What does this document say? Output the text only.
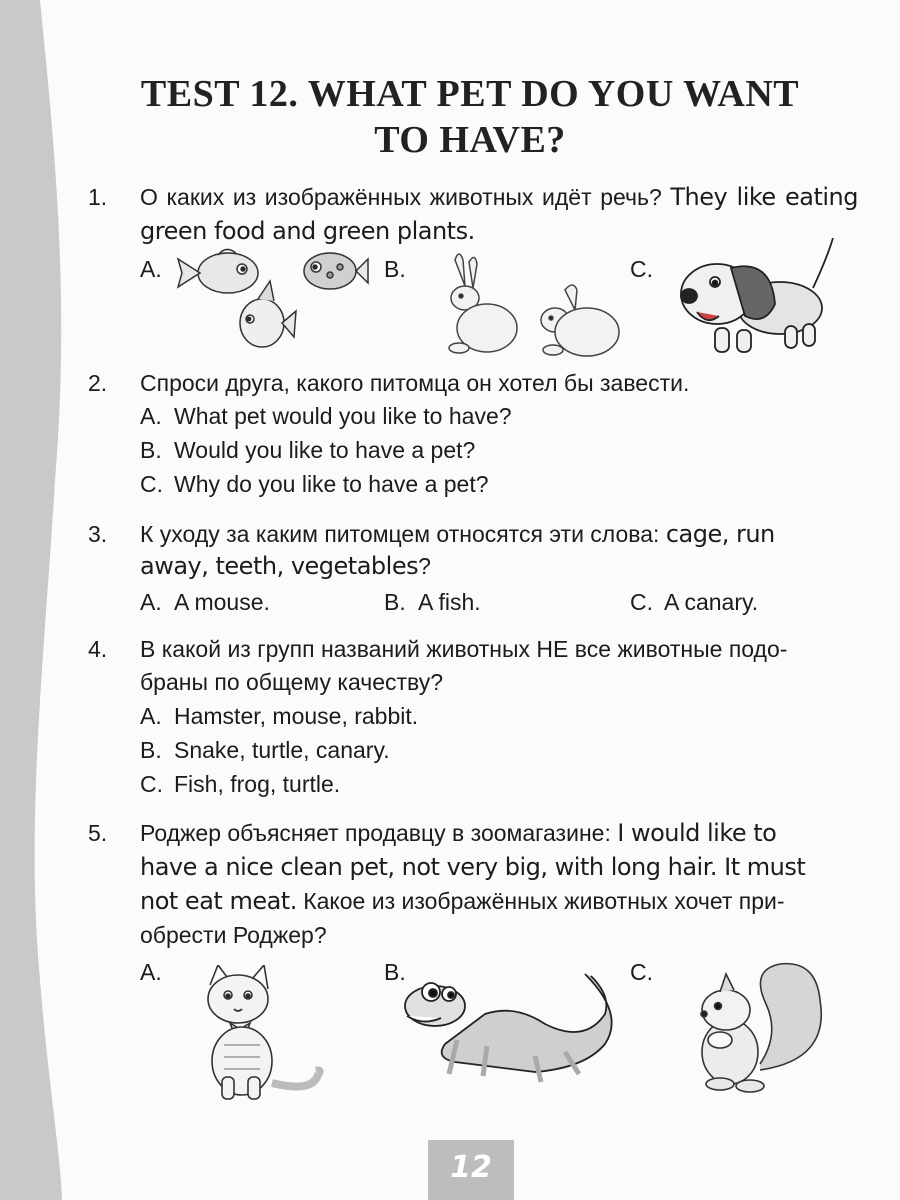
TEST 12. WHAT PET DO YOU WANT
TO HAVE?
1. О каких из изображённых животных идёт речь? They like eating green food and green plants.
A.	B.	C.
2. Спроси друга, какого питомца он хотел бы завести.
A. What pet would you like to have?
B. Would you like to have a pet?
C. Why do you like to have a pet?
3. К уходу за каким питомцем относятся эти слова: cage, run
away, teeth, vegetables?
A. A mouse.	B. A fish.	C. A canary.
4. В какой из групп названий животных НЕ все животные подо-
браны по общему качеству?
A. Hamster, mouse, rabbit.
B. Snake, turtle, canary.
C. Fish, frog, turtle.
5. Роджер объясняет продавцу в зоомагазине: I would like to
have a nice clean pet, not very big, with long hair. It must
not eat meat. Какое из изображённых животных хочет при-
обрести Роджер?
A.	B.	C.
12
